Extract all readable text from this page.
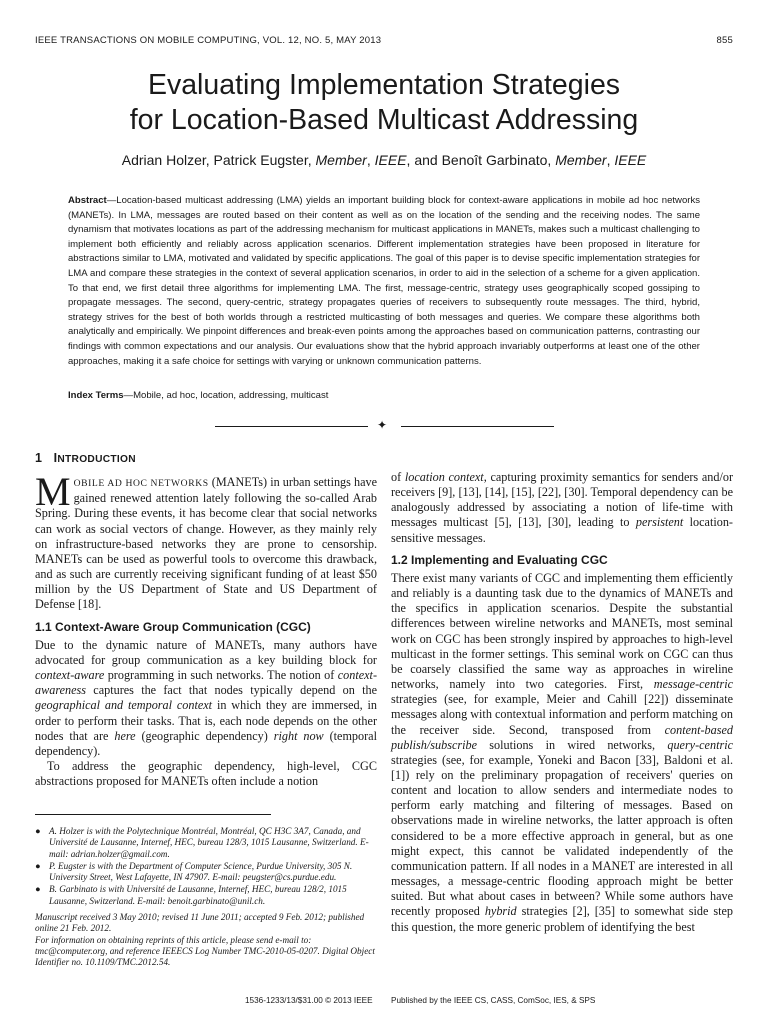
IEEE TRANSACTIONS ON MOBILE COMPUTING, VOL. 12, NO. 5, MAY 2013	855
Evaluating Implementation Strategies
for Location-Based Multicast Addressing
Adrian Holzer, Patrick Eugster, Member, IEEE, and Benoît Garbinato, Member, IEEE
Abstract—Location-based multicast addressing (LMA) yields an important building block for context-aware applications in mobile ad hoc networks (MANETs). In LMA, messages are routed based on their content as well as on the location of the sending and the receiving nodes. The same dynamism that motivates locations as part of the addressing mechanism for multicast applications in MANETs, makes such a multicast challenging to implement both efficiently and reliably across application scenarios. Different implementation strategies have been proposed in literature for abstractions similar to LMA, motivated and validated by specific applications. The goal of this paper is to devise specific implementation strategies for LMA and compare these strategies in the context of several application scenarios, in order to aid in the selection of a scheme for a given application. To that end, we first detail three algorithms for implementing LMA. The first, message-centric, strategy uses geographically scoped gossiping to propagate messages. The second, query-centric, strategy propagates queries of receivers to subsequently route messages. The third, hybrid, strategy strives for the best of both worlds through a restricted multicasting of both messages and queries. We compare these algorithms both analytically and empirically. We pinpoint differences and break-even points among the approaches based on communication patterns, contrasting our findings with common expectations and our analysis. Our evaluations show that the hybrid approach invariably outperforms at least one of the other approaches, making it a safe choice for settings with varying or unknown communication patterns.
Index Terms—Mobile, ad hoc, location, addressing, multicast
✦
1 INTRODUCTION

MOBILE AD HOC NETWORKS (MANETs) in urban settings have gained renewed attention lately following the so-called Arab Spring. During these events, it has become clear that social networks can work as social vectors of change. However, as they mainly rely on infrastructure-based networks they are prone to censorship. MANETs can be used as powerful tools to overcome this drawback, and as such are currently receiving significant funding of at least $50 million by the US Department of State and US Department of Defense [18].

1.1 Context-Aware Group Communication (CGC)

Due to the dynamic nature of MANETs, many authors have advocated for group communication as a key building block for context-aware programming in such networks. The notion of context-awareness captures the fact that nodes typically depend on the geographical and temporal context in which they are immersed, in order to perform their tasks. That is, each node depends on the other nodes that are here (geographic dependency) right now (temporal dependency).

To address the geographic dependency, high-level, CGC abstractions proposed for MANETs often include a notion

● A. Holzer is with the Polytechnique Montréal, Montréal, QC H3C 3A7, Canada, and Université de Lausanne, Internef, HEC, bureau 128/3, 1015 Lausanne, Switzerland. E-mail: adrian.holzer@gmail.com.
● P. Eugster is with the Department of Computer Science, Purdue University, 305 N. University Street, West Lafayette, IN 47907. E-mail: peugster@cs.purdue.edu.
● B. Garbinato is with Université de Lausanne, Internef, HEC, bureau 128/2, 1015 Lausanne, Switzerland. E-mail: benoit.garbinato@unil.ch.
Manuscript received 3 May 2010; revised 11 June 2011; accepted 9 Feb. 2012; published online 21 Feb. 2012.
For information on obtaining reprints of this article, please send e-mail to: tmc@computer.org, and reference IEEECS Log Number TMC-2010-05-0207. Digital Object Identifier no. 10.1109/TMC.2012.54.

of location context, capturing proximity semantics for senders and/or receivers [9], [13], [14], [15], [22], [30]. Temporal dependency can be analogously addressed by associating a notion of life-time with messages multicast [5], [13], [30], leading to persistent location-sensitive messages.

1.2 Implementing and Evaluating CGC

There exist many variants of CGC and implementing them efficiently and reliably is a daunting task due to the dynamics of MANETs and the specifics in application scenarios. Despite the substantial differences between wireline networks and MANETs, most seminal work on CGC has been strongly inspired by approaches to high-level multicast in the former settings. This seminal work on CGC can thus be coarsely classified the same way as approaches in wireline networks, namely into two categories. First, message-centric strategies (see, for example, Meier and Cahill [22]) disseminate messages along with contextual information and perform matching on the receiver side. Second, transposed from content-based publish/subscribe solutions in wired networks, query-centric strategies (see, for example, Yoneki and Bacon [33], Baldoni et al. [1]) rely on the preliminary propagation of receivers' queries on content and location to allow senders and intermediate nodes to perform early matching and filtering of messages. Based on observations made in wireline networks, the latter approach is often considered to be a more effective approach in general, but as one might expect, this cannot be validated independently of the communication pattern. If all nodes in a MANET are interested in all messages, a message-centric flooding approach might be better suited. But what about cases in between? While some authors have recently proposed hybrid strategies [2], [35] to somewhat side step this question, the more generic problem of identifying the best

1536-1233/13/$31.00 © 2013 IEEE Published by the IEEE CS, CASS, ComSoc, IES, & SPS
